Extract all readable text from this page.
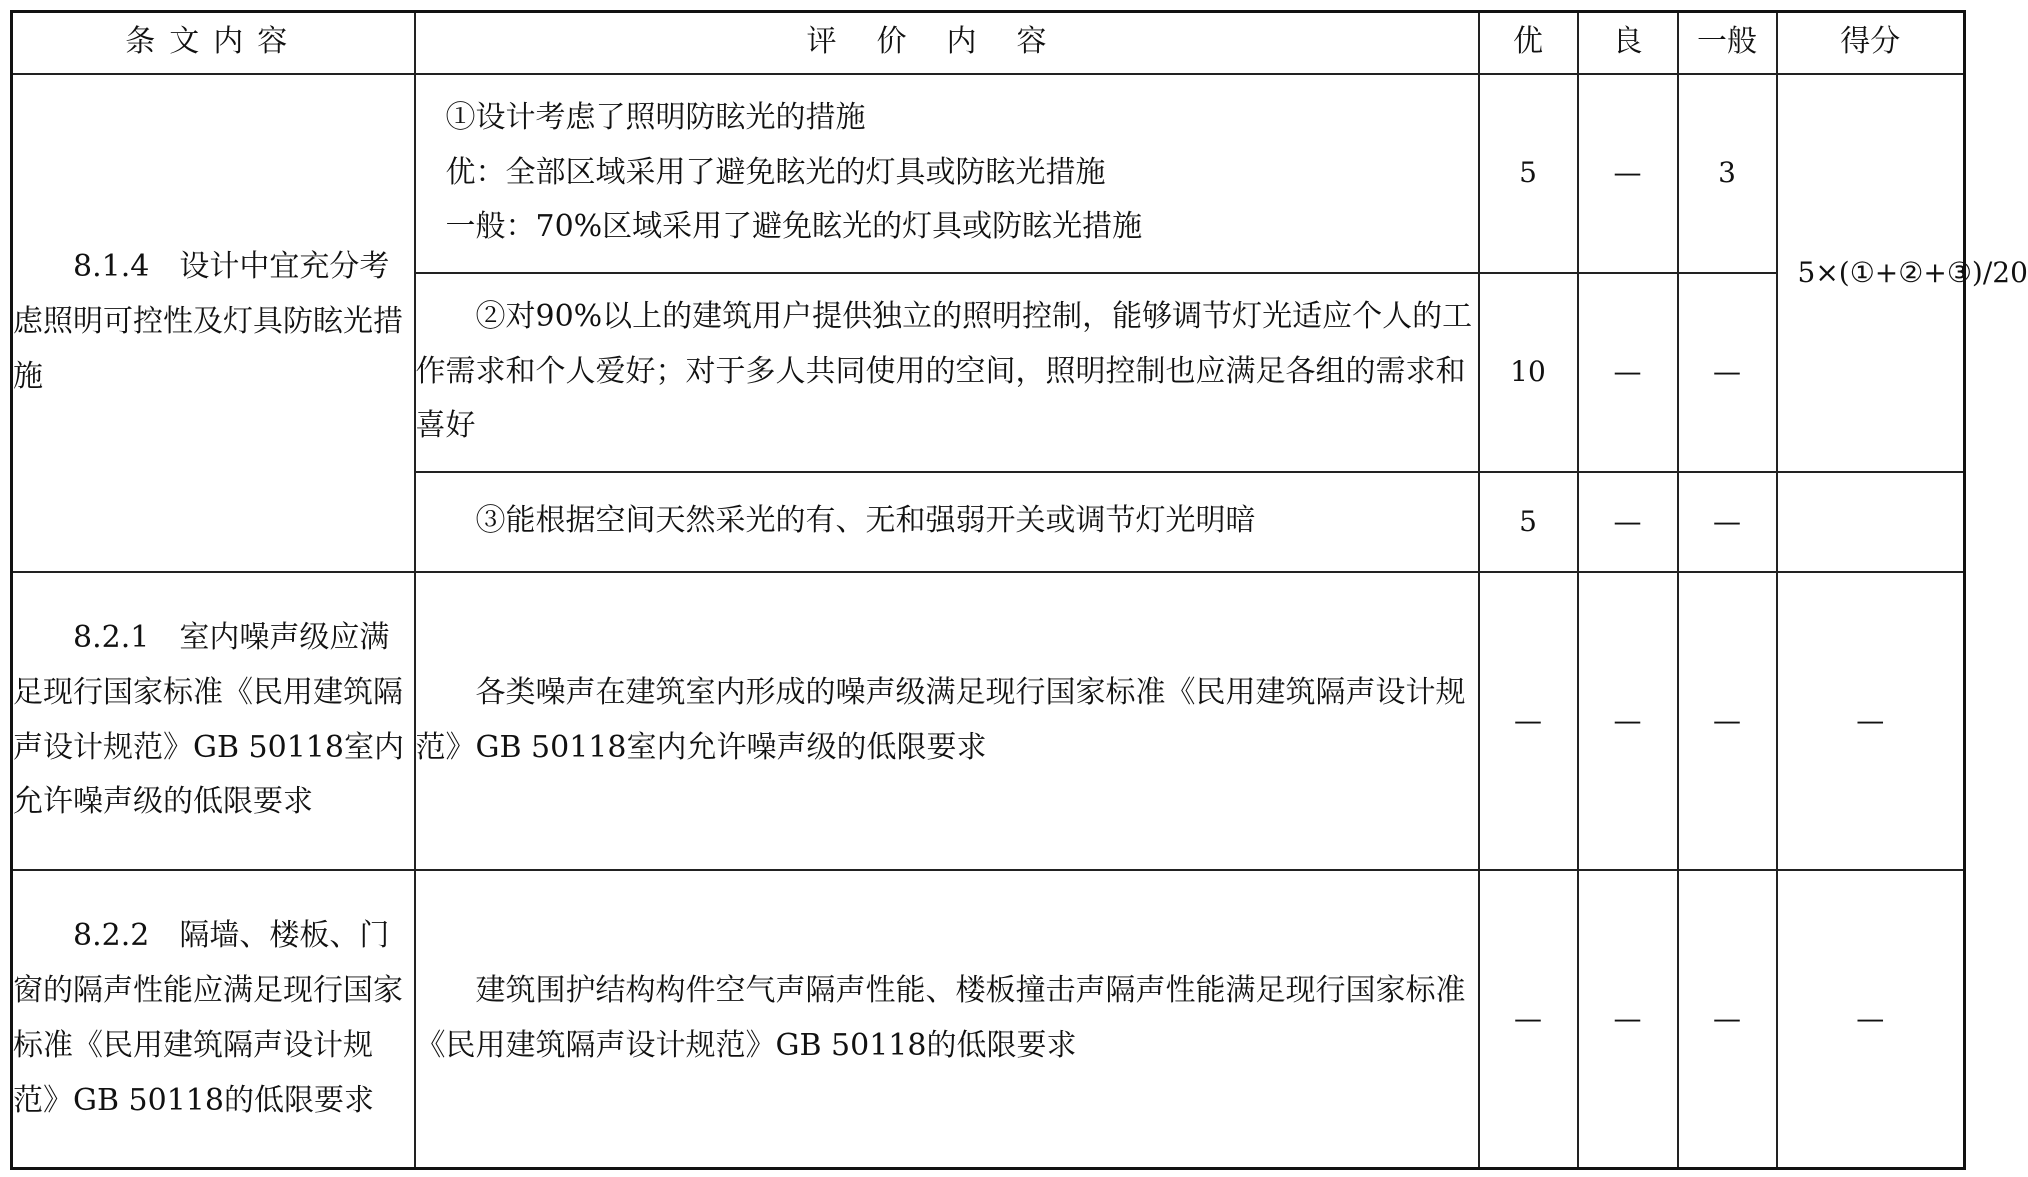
条文内容	评价内容	优	良	一般	得分

8.1.4　设计中宜充分考虑照明可控性及灯具防眩光措施	①设计考虑了照明防眩光的措施
优：全部区域采用了避免眩光的灯具或防眩光措施
一般：70%区域采用了避免眩光的灯具或防眩光措施	5	—	3	5×(①+②+③)/20

	②对90%以上的建筑用户提供独立的照明控制，能够调节灯光适应个人的工作需求和个人爱好；对于多人共同使用的空间，照明控制也应满足各组的需求和喜好	10	—	—	

	③能根据空间天然采光的有、无和强弱开关或调节灯光明暗	5	—	—	

8.2.1　室内噪声级应满足现行国家标准《民用建筑隔声设计规范》GB 50118室内允许噪声级的低限要求	各类噪声在建筑室内形成的噪声级满足现行国家标准《民用建筑隔声设计规范》GB 50118室内允许噪声级的低限要求	—	—	—	—

8.2.2　隔墙、楼板、门窗的隔声性能应满足现行国家标准《民用建筑隔声设计规范》GB 50118的低限要求	建筑围护结构构件空气声隔声性能、楼板撞击声隔声性能满足现行国家标准《民用建筑隔声设计规范》GB 50118的低限要求	—	—	—	—
